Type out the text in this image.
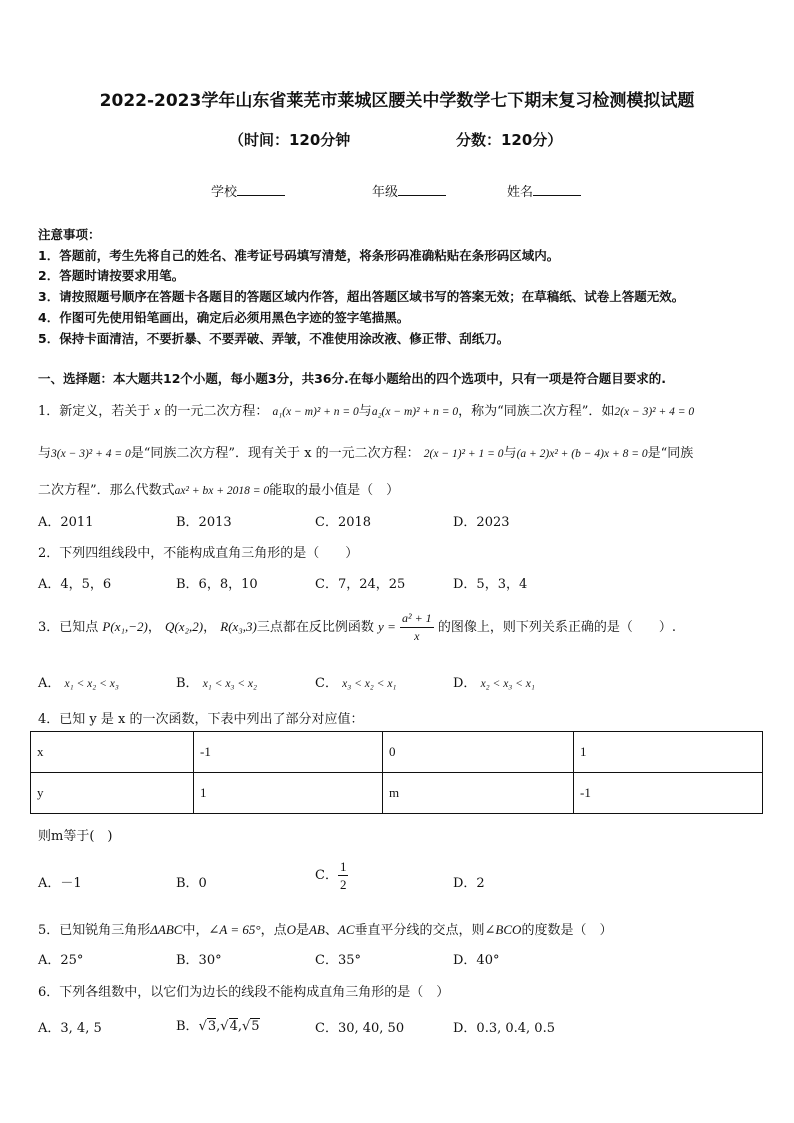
2022-2023学年山东省莱芜市莱城区腰关中学数学七下期末复习检测模拟试题
（时间：120分钟	分数：120分）
学校	年级	姓名
注意事项：
1．答题前，考生先将自己的姓名、准考证号码填写清楚，将条形码准确粘贴在条形码区域内。
2．答题时请按要求用笔。
3．请按照题号顺序在答题卡各题目的答题区域内作答，超出答题区域书写的答案无效；在草稿纸、试卷上答题无效。
4．作图可先使用铅笔画出，确定后必须用黑色字迹的签字笔描黑。
5．保持卡面清洁，不要折暴、不要弄破、弄皱，不准使用涂改液、修正带、刮纸刀。
一、选择题：本大题共12个小题，每小题3分，共36分.在每小题给出的四个选项中，只有一项是符合题目要求的.
1．新定义，若关于 x 的一元二次方程： a₁(x − m)² + n = 0与a₂(x − m)² + n = 0，称为“同族二次方程”．如2(x − 3)² + 4 = 0
与3(x − 3)² + 4 = 0是“同族二次方程”．现有关于 x 的一元二次方程： 2(x − 1)² + 1 = 0与(a + 2)x² + (b − 4)x + 8 = 0是“同族
二次方程”．那么代数式ax² + bx + 2018 = 0能取的最小值是（　）
A．2011	B．2013	C．2018	D．2023
2．下列四组线段中，不能构成直角三角形的是（　　）
A．4，5，6	B．6，8，10	C．7，24，25	D．5，3，4
3．已知点 P(x₁,−2)， Q(x₂,2)， R(x₃,3)三点都在反比例函数 $y = \frac{\text{a² + 1}}{x}$ 的图像上，则下列关系正确的是（　　）.
A． x₁ < x₂ < x₃	B． x₁ < x₃ < x₂	C． x₃ < x₂ < x₁	D． x₂ < x₃ < x₁
4．已知 y 是 x 的一次函数，下表中列出了部分对应值：
x	-1	0	1
y	1	m	-1
则m等于(　)
A．－1	B．0
C． $\frac{1}{2}$	D．2
5．已知锐角三角形ΔABC中，∠A = 65°，点O是AB、AC垂直平分线的交点，则∠BCO的度数是（　）
A．25°	B．30°	C．35°	D．40°
6．下列各组数中，以它们为边长的线段不能构成直角三角形的是（　）
A．3, 4, 5	B．√3,√4,√5	C．30, 40, 50	D．0.3, 0.4, 0.5
